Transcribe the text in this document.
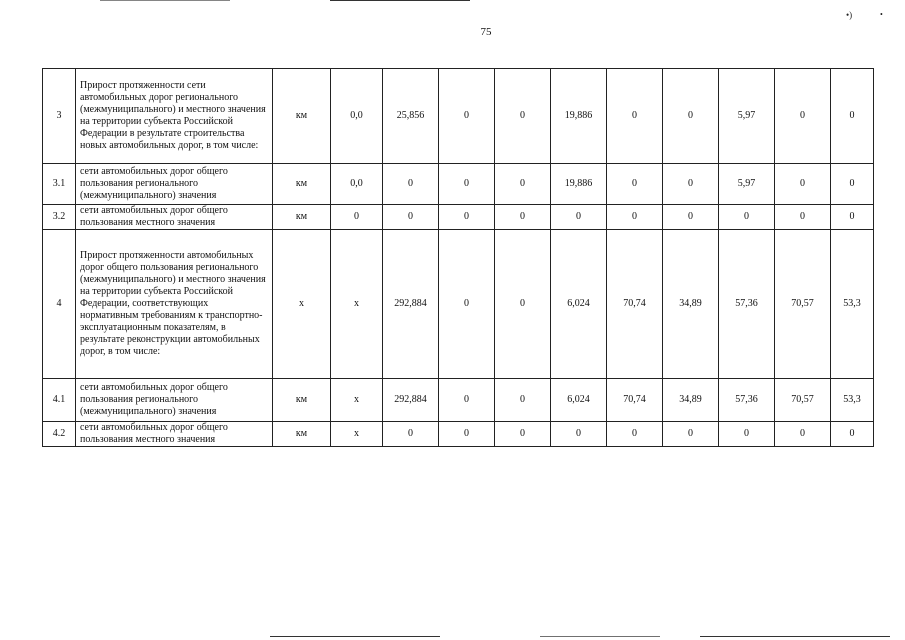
•)	•
75
3	Прирост протяженности сети автомобильных дорог регионального (межмуниципального) и местного значения на территории субъекта Российской Федерации в результате строительства новых автомобильных дорог, в том числе:	км	0,0	25,856	0	0	19,886	0	0	5,97	0	0
3.1	сети автомобильных дорог общего пользования регионального (межмуниципального) значения	км	0,0	0	0	0	19,886	0	0	5,97	0	0
3.2	сети автомобильных дорог общего пользования местного значения	км	0	0	0	0	0	0	0	0	0	0
4	Прирост протяженности автомобильных дорог общего пользования регионального (межмуниципального) и местного значения на территории субъекта Российской Федерации, соответствующих нормативным требованиям к транспортно-эксплуатационным показателям, в результате реконструкции автомобильных дорог, в том числе:	х	х	292,884	0	0	6,024	70,74	34,89	57,36	70,57	53,3
4.1	сети автомобильных дорог общего пользования регионального (межмуниципального) значения	км	х	292,884	0	0	6,024	70,74	34,89	57,36	70,57	53,3
4.2	сети автомобильных дорог общего пользования местного значения	км	х	0	0	0	0	0	0	0	0	0
